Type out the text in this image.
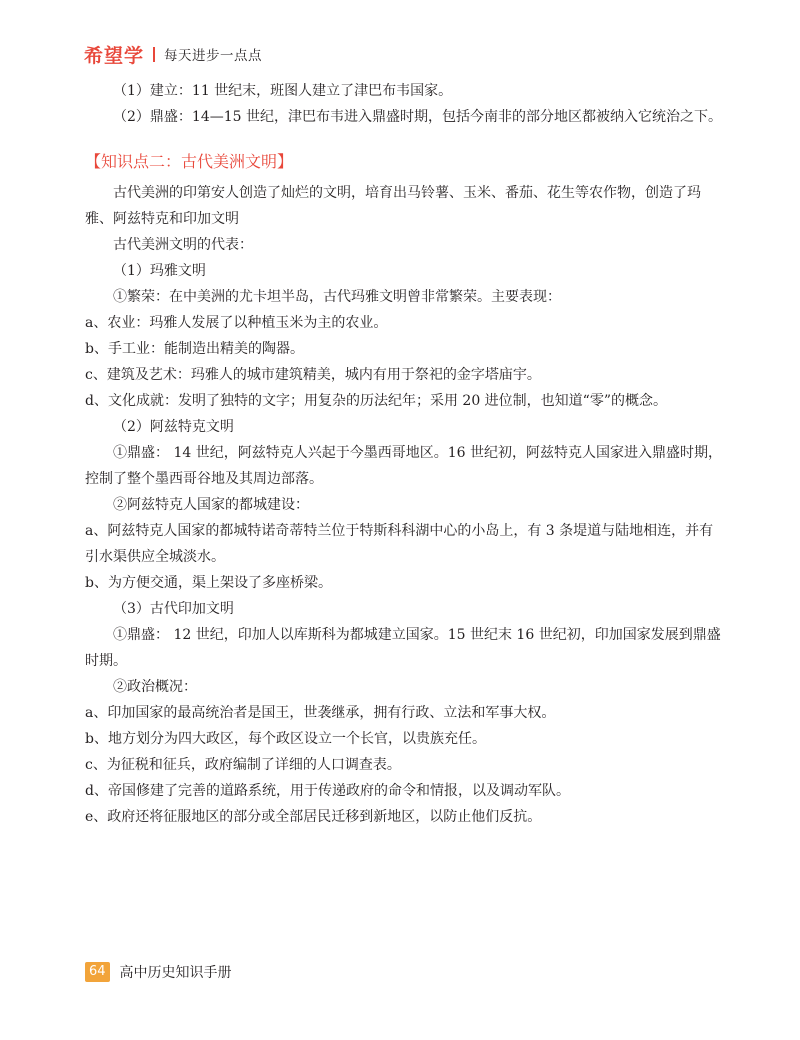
希望学 每天进步一点点

（1）建立：11 世纪末，班图人建立了津巴布韦国家。

（2）鼎盛：14—15 世纪，津巴布韦进入鼎盛时期，包括今南非的部分地区都被纳入它统治之下。

【知识点二：古代美洲文明】

古代美洲的印第安人创造了灿烂的文明，培育出马铃薯、玉米、番茄、花生等农作物，创造了玛雅、阿兹特克和印加文明

古代美洲文明的代表：

（1）玛雅文明

①繁荣：在中美洲的尤卡坦半岛，古代玛雅文明曾非常繁荣。主要表现：

a、农业：玛雅人发展了以种植玉米为主的农业。

b、手工业：能制造出精美的陶器。

c、建筑及艺术：玛雅人的城市建筑精美，城内有用于祭祀的金字塔庙宇。

d、文化成就：发明了独特的文字；用复杂的历法纪年；采用 20 进位制，也知道“零”的概念。

（2）阿兹特克文明

①鼎盛： 14 世纪，阿兹特克人兴起于今墨西哥地区。16 世纪初，阿兹特克人国家进入鼎盛时期，控制了整个墨西哥谷地及其周边部落。

②阿兹特克人国家的都城建设：

a、阿兹特克人国家的都城特诺奇蒂特兰位于特斯科科湖中心的小岛上，有 3 条堤道与陆地相连，并有引水渠供应全城淡水。

b、为方便交通，渠上架设了多座桥梁。

（3）古代印加文明

①鼎盛： 12 世纪，印加人以库斯科为都城建立国家。15 世纪末 16 世纪初，印加国家发展到鼎盛时期。

②政治概况：

a、印加国家的最高统治者是国王，世袭继承，拥有行政、立法和军事大权。

b、地方划分为四大政区，每个政区设立一个长官，以贵族充任。

c、为征税和征兵，政府编制了详细的人口调查表。

d、帝国修建了完善的道路系统，用于传递政府的命令和情报，以及调动军队。

e、政府还将征服地区的部分或全部居民迁移到新地区，以防止他们反抗。

64 高中历史知识手册
